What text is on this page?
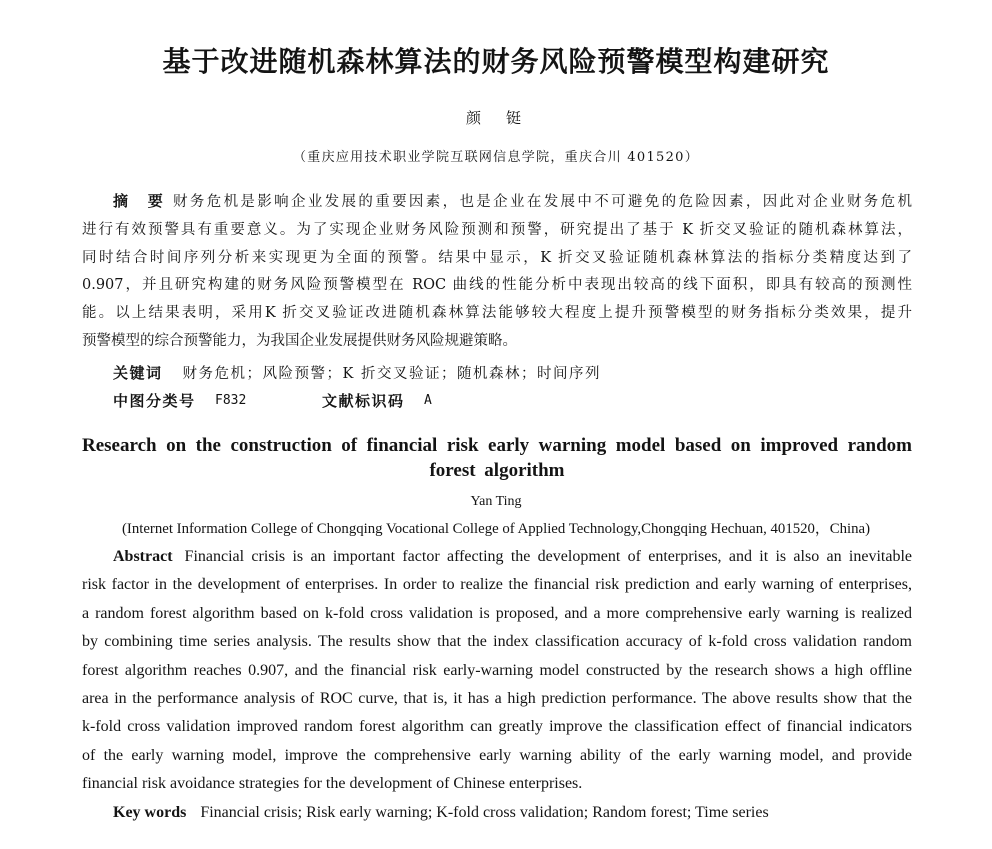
基于改进随机森林算法的财务风险预警模型构建研究
颜　铤
（重庆应用技术职业学院互联网信息学院，重庆合川 401520）
摘　要 财务危机是影响企业发展的重要因素，也是企业在发展中不可避免的危险因素，因此对企业财务危机
进行有效预警具有重要意义。为了实现企业财务风险预测和预警，研究提出了基于 K 折交叉验证的随机森林算法，
同时结合时间序列分析来实现更为全面的预警。结果中显示，K 折交叉验证随机森林算法的指标分类精度达到了
0.907，并且研究构建的财务风险预警模型在 ROC 曲线的性能分析中表现出较高的线下面积，即具有较高的预测性
能。以上结果表明，采用K 折交叉验证改进随机森林算法能够较大程度上提升预警模型的财务指标分类效果，提升
预警模型的综合预警能力，为我国企业发展提供财务风险规避策略。
关键词 财务危机；风险预警；K 折交叉验证；随机森林；时间序列
中图分类号 F832	文献标识码 A
Research on the construction of financial risk early warning model based on improved random
forest algorithm
Yan Ting
(Internet Information College of Chongqing Vocational College of Applied Technology,Chongqing Hechuan, 401520，China)
Abstract Financial crisis is an important factor affecting the development of enterprises, and it is also an inevitable
risk factor in the development of enterprises. In order to realize the financial risk prediction and early warning of enterprises,
a random forest algorithm based on k-fold cross validation is proposed, and a more comprehensive early warning is realized
by combining time series analysis. The results show that the index classification accuracy of k-fold cross validation random
forest algorithm reaches 0.907, and the financial risk early-warning model constructed by the research shows a high offline
area in the performance analysis of ROC curve, that is, it has a high prediction performance. The above results show that the
k-fold cross validation improved random forest algorithm can greatly improve the classification effect of financial indicators
of the early warning model, improve the comprehensive early warning ability of the early warning model, and provide
financial risk avoidance strategies for the development of Chinese enterprises.
Key words Financial crisis; Risk early warning; K-fold cross validation; Random forest; Time series
